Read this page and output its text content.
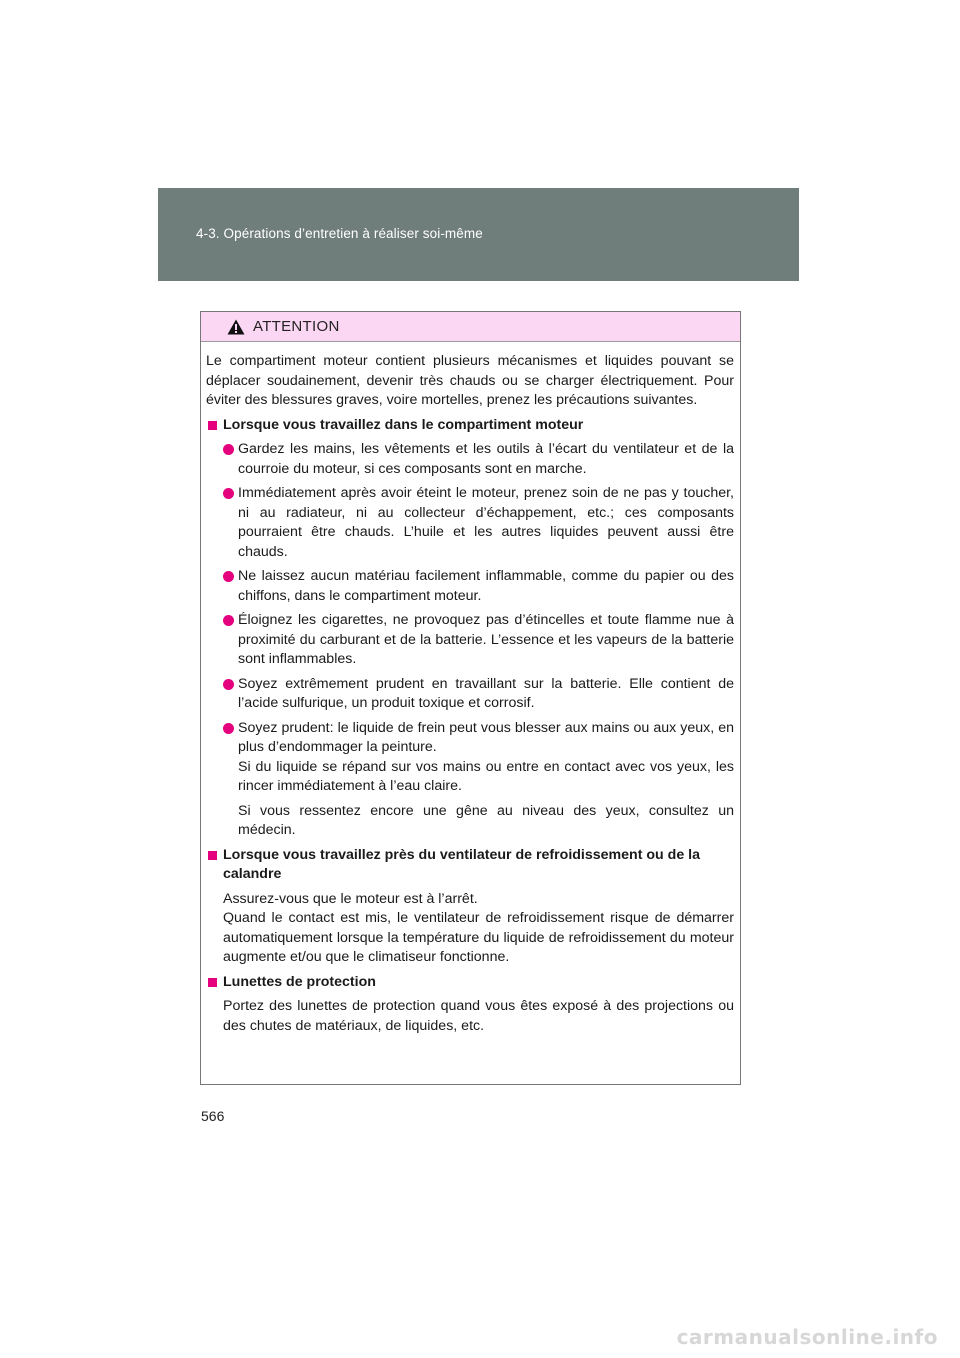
4-3. Opérations d’entretien à réaliser soi-même
ATTENTION

Le compartiment moteur contient plusieurs mécanismes et liquides pouvant se déplacer soudainement, devenir très chauds ou se charger électriquement. Pour éviter des blessures graves, voire mortelles, prenez les précautions suivantes.

Lorsque vous travaillez dans le compartiment moteur
Gardez les mains, les vêtements et les outils à l’écart du ventilateur et de la courroie du moteur, si ces composants sont en marche.
Immédiatement après avoir éteint le moteur, prenez soin de ne pas y toucher, ni au radiateur, ni au collecteur d’échappement, etc.; ces composants pourraient être chauds. L’huile et les autres liquides peuvent aussi être chauds.
Ne laissez aucun matériau facilement inflammable, comme du papier ou des chiffons, dans le compartiment moteur.
Éloignez les cigarettes, ne provoquez pas d’étincelles et toute flamme nue à proximité du carburant et de la batterie. L’essence et les vapeurs de la batterie sont inflammables.
Soyez extrêmement prudent en travaillant sur la batterie. Elle contient de l’acide sulfurique, un produit toxique et corrosif.
Soyez prudent: le liquide de frein peut vous blesser aux mains ou aux yeux, en plus d’endommager la peinture.
Si du liquide se répand sur vos mains ou entre en contact avec vos yeux, les rincer immédiatement à l’eau claire.

Si vous ressentez encore une gêne au niveau des yeux, consultez un médecin.

Lorsque vous travaillez près du ventilateur de refroidissement ou de la calandre
Assurez-vous que le moteur est à l’arrêt.
Quand le contact est mis, le ventilateur de refroidissement risque de démarrer automatiquement lorsque la température du liquide de refroidissement du moteur augmente et/ou que le climatiseur fonctionne.
Lunettes de protection

Portez des lunettes de protection quand vous êtes exposé à des projections ou des chutes de matériaux, de liquides, etc.

566
carmanualsonline.info
